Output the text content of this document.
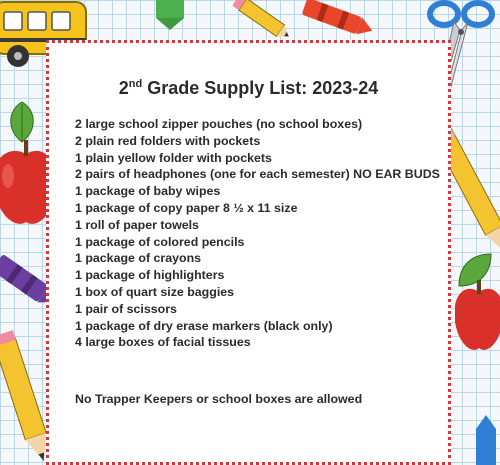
2nd Grade Supply List: 2023-24
2 large school zipper pouches (no school boxes)
2 plain red folders with pockets
1 plain yellow folder with pockets
2 pairs of headphones (one for each semester) NO EAR BUDS
1 package of baby wipes
1 package of copy paper 8 ½ x 11 size
1 roll of paper towels
1 package of colored pencils
1 package of crayons
1 package of highlighters
1 box of quart size baggies
1 pair of scissors
1 package of dry erase markers (black only)
4 large boxes of facial tissues
No Trapper Keepers or school boxes are allowed
